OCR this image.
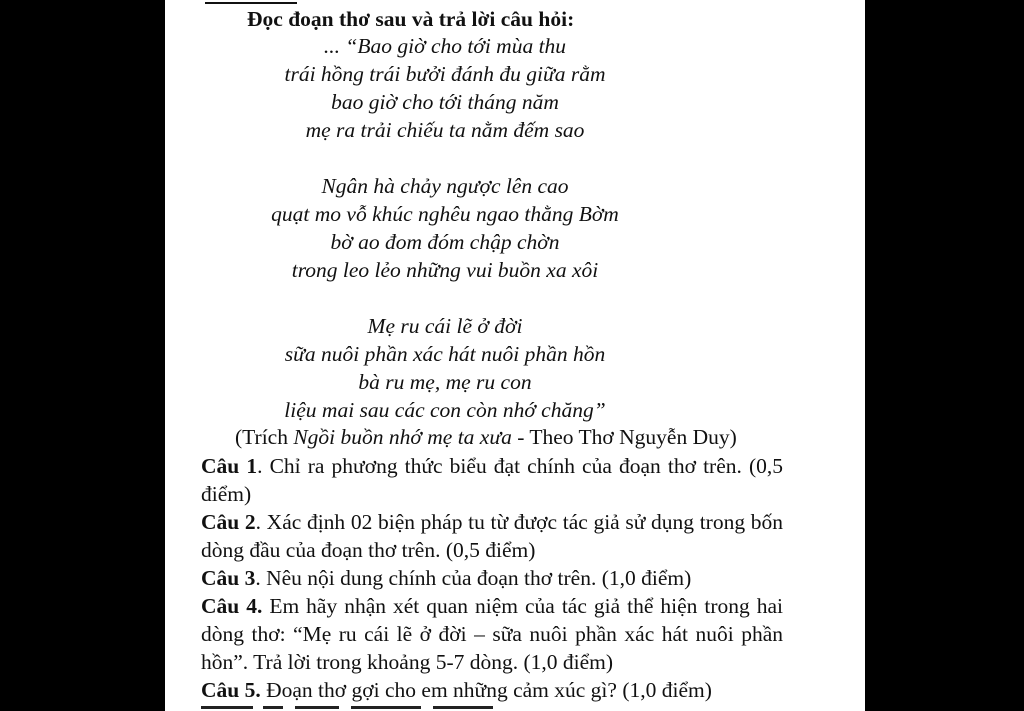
Đọc đoạn thơ sau và trả lời câu hỏi:
... “Bao giờ cho tới mùa thu
trái hồng trái bưởi đánh đu giữa rằm
bao giờ cho tới tháng năm
mẹ ra trải chiếu ta nằm đếm sao
Ngân hà chảy ngược lên cao
quạt mo vỗ khúc nghêu ngao thằng Bờm
bờ ao đom đóm chập chờn
trong leo lẻo những vui buồn xa xôi
Mẹ ru cái lẽ ở đời
sữa nuôi phần xác hát nuôi phần hồn
bà ru mẹ, mẹ ru con
liệu mai sau các con còn nhớ chăng”
(Trích Ngồi buồn nhớ mẹ ta xưa - Theo Thơ Nguyễn Duy)
Câu 1. Chỉ ra phương thức biểu đạt chính của đoạn thơ trên. (0,5 điểm)
Câu 2. Xác định 02 biện pháp tu từ được tác giả sử dụng trong bốn dòng đầu của đoạn thơ trên. (0,5 điểm)
Câu 3. Nêu nội dung chính của đoạn thơ trên. (1,0 điểm)
Câu 4. Em hãy nhận xét quan niệm của tác giả thể hiện trong hai dòng thơ: “Mẹ ru cái lẽ ở đời – sữa nuôi phần xác hát nuôi phần hồn”. Trả lời trong khoảng 5-7 dòng. (1,0 điểm)
Câu 5. Đoạn thơ gợi cho em những cảm xúc gì? (1,0 điểm)
